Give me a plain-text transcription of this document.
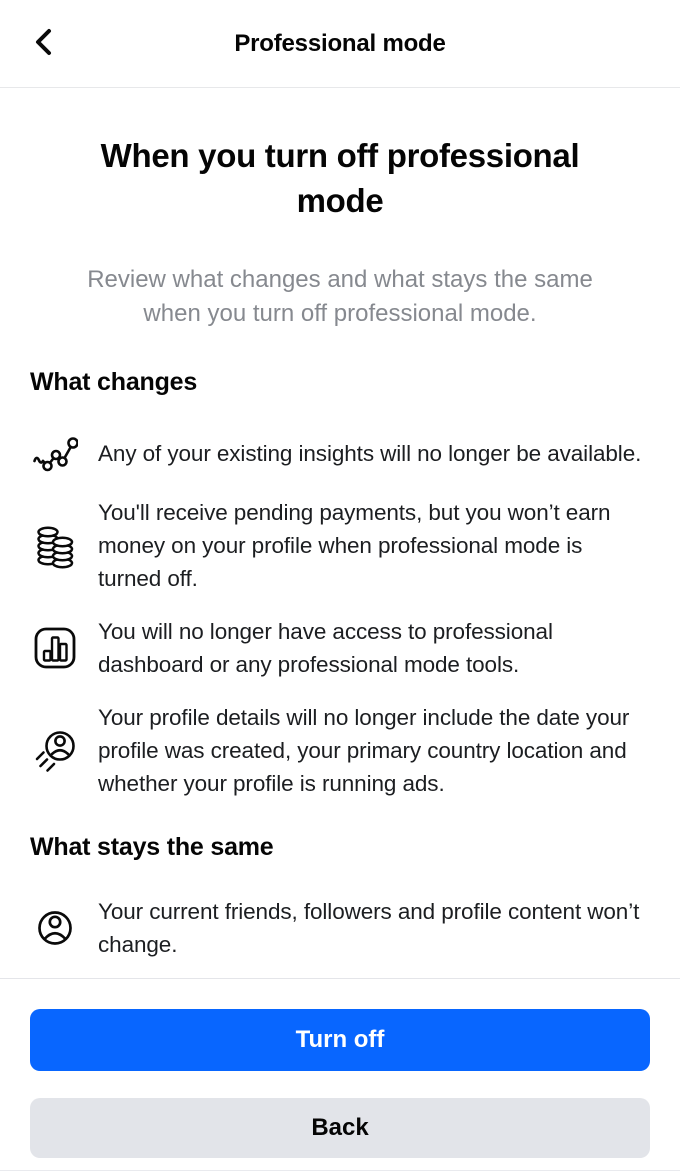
Professional mode
When you turn off professional
mode
Review what changes and what stays the same
when you turn off professional mode.
What changes

Any of your existing insights will no longer be available.

You'll receive pending payments, but you won’t earn money on your profile when professional mode is turned off.

You will no longer have access to professional dashboard or any professional mode tools.

Your profile details will no longer include the date your profile was created, your primary country location and whether your profile is running ads.

What stays the same

Your current friends, followers and profile content won’t change.

Turn off
Back
